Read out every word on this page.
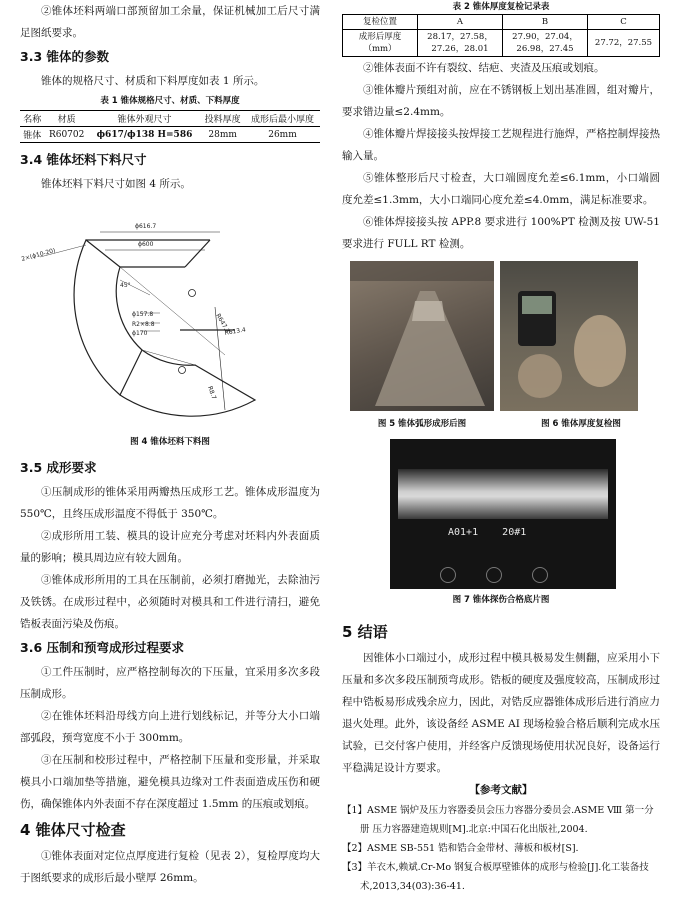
②锥体坯料两端口部预留加工余量，保证机械加工后尺寸满足图纸要求。

3.3 锥体的参数

锥体的规格尺寸、材质和下料厚度如表 1 所示。

表 1 锥体规格尺寸、材质、下料厚度
名称	材质	锥体外观尺寸	投料厚度	成形后最小厚度
锥体	R60702	ϕ617/ϕ138 H=586	28mm	26mm
3.4 锥体坯料下料尺寸

锥体坯料下料尺寸如图 4 所示。

ϕ616.7
ϕ600
2×(ϕ10-20)
45°
R647.7
R613.4
ϕ157.8
R2×8.8
ϕ170
R8.7
图 4 锥体坯料下料图
3.5 成形要求

①压制成形的锥体采用两瓣热压成形工艺。锥体成形温度为 550℃，且终压成形温度不得低于 350℃。

②成形所用工装、模具的设计应充分考虑对坯料内外表面质量的影响；模具周边应有较大圆角。

③锥体成形所用的工具在压制前，必须打磨抛光，去除油污及铁锈。在成形过程中，必须随时对模具和工件进行清扫，避免锆板表面污染及伤痕。

3.6 压制和预弯成形过程要求

①工件压制时，应严格控制每次的下压量，宜采用多次多段压制成形。

②在锥体坯料沿母线方向上进行划线标记，并等分大小口端部弧段，预弯宽度不小于 300mm。

③在压制和校形过程中，严格控制下压量和变形量，并采取模具小口端加垫等措施，避免模具边缘对工件表面造成压伤和硬伤，确保锥体内外表面不存在深度超过 1.5mm 的压痕或划痕。

4 锥体尺寸检查

①锥体表面对定位点厚度进行复检（见表 2），复检厚度均大于图纸要求的成形后最小壁厚 26mm。

表 2 锥体厚度复检记录表
复检位置	A	B	C
成形后厚度（mm）	28.17，27.58，27.26，28.01	27.90，27.04，26.98，27.45	27.72，27.55

②锥体表面不许有裂纹、结疤、夹渣及压痕或划痕。

③锥体瓣片预组对前，应在不锈钢板上划出基准圆，组对瓣片，要求错边量≤2.4mm。

④锥体瓣片焊接接头按焊接工艺规程进行施焊，严格控制焊接热输入量。

⑤锥体整形后尺寸检查，大口端圆度允差≤6.1mm，小口端圆度允差≤1.3mm，大小口端同心度允差≤4.0mm，满足标准要求。

⑥锥体焊接接头按 APP.8 要求进行 100%PT 检测及按 UW-51 要求进行 FULL RT 检测。

图 5 锥体弧形成形后图	图 6 锥体厚度复检图
A01+1    20#1
图 7 锥体探伤合格底片图
5 结语

因锥体小口端过小，成形过程中模具极易发生侧翻，应采用小下压量和多次多段压制预弯成形。锆板的硬度及强度较高，压制成形过程中锆板易形成残余应力，因此，对锆反应器锥体成形后进行消应力退火处理。此外，该设备经 ASME AI 现场检验合格后顺利完成水压试验，已交付客户使用，并经客户反馈现场使用状况良好，设备运行平稳满足设计方要求。

【参考文献】
【1】ASME 锅炉及压力容器委员会压力容器分委员会.ASME Ⅷ 第一分册 压力容器建造规则[M].北京:中国石化出版社,2004.
【2】ASME SB-551 锆和锆合金带材、薄板和板材[S].
【3】羊衣木,赖斌.Cr-Mo 钢复合板厚壁锥体的成形与检验[J].化工装备技术,2013,34(03):36-41.
